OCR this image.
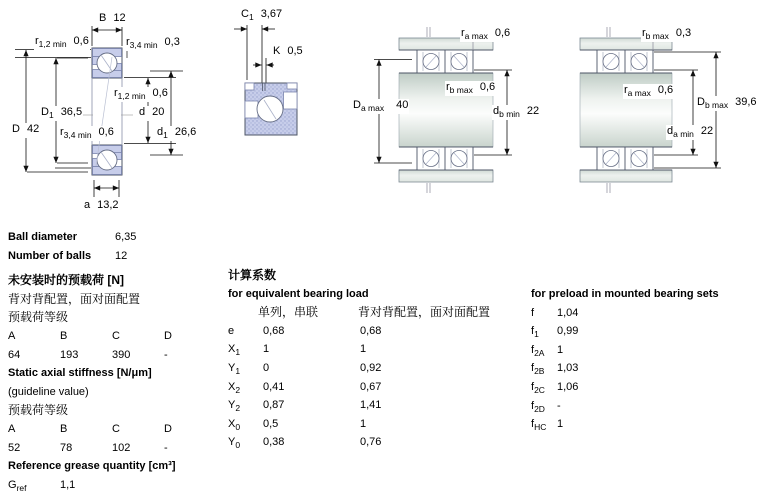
B 12
$r_{1,2 min}$ 0,6	$r_{3,4 min}$ 0,3
$r_{1,2 min}$ 0,6
d 20
$d_1$ 26,6
$D_1$ 36,5
D 42 $r_{3,4 min}$ 0,6
a 13,2
$C_1$ 3,67
K 0,5
$r_{a max}$ 0,6
$D_{a max}$ 40
$r_{b max}$ 0,6
$d_{b min}$ 22
$r_{b max}$ 0,3
$r_{a max}$ 0,6
$D_{b max}$ 39,6
$d_{a min}$ 22
Ball diameter	6,35
Number of balls	12
未安装时的预载荷 [N]
背对背配置，面对面配置
预载荷等级
A	B	C	D
64	193	390	-
Static axial stiffness [N/μm]
(guideline value)
预载荷等级
A	B	C	D
52	78	102	-
Reference grease quantity [cm³]
$G_{ref}$	1,1
计算系数
for equivalent bearing load
单列，串联	背对背配置，面对面配置
e	0,68	0,68
$X_1$	1	1
$Y_1$	0	0,92
$X_2$	0,41	0,67
$Y_2$	0,87	1,41
$X_0$	0,5	1
$Y_0$	0,38	0,76
for preload in mounted bearing sets
f	1,04
$f_1$	0,99
$f_{2A}$	1
$f_{2B}$	1,03
$f_{2C}$	1,06
$f_{2D}$	-
$f_{HC}$ 1
